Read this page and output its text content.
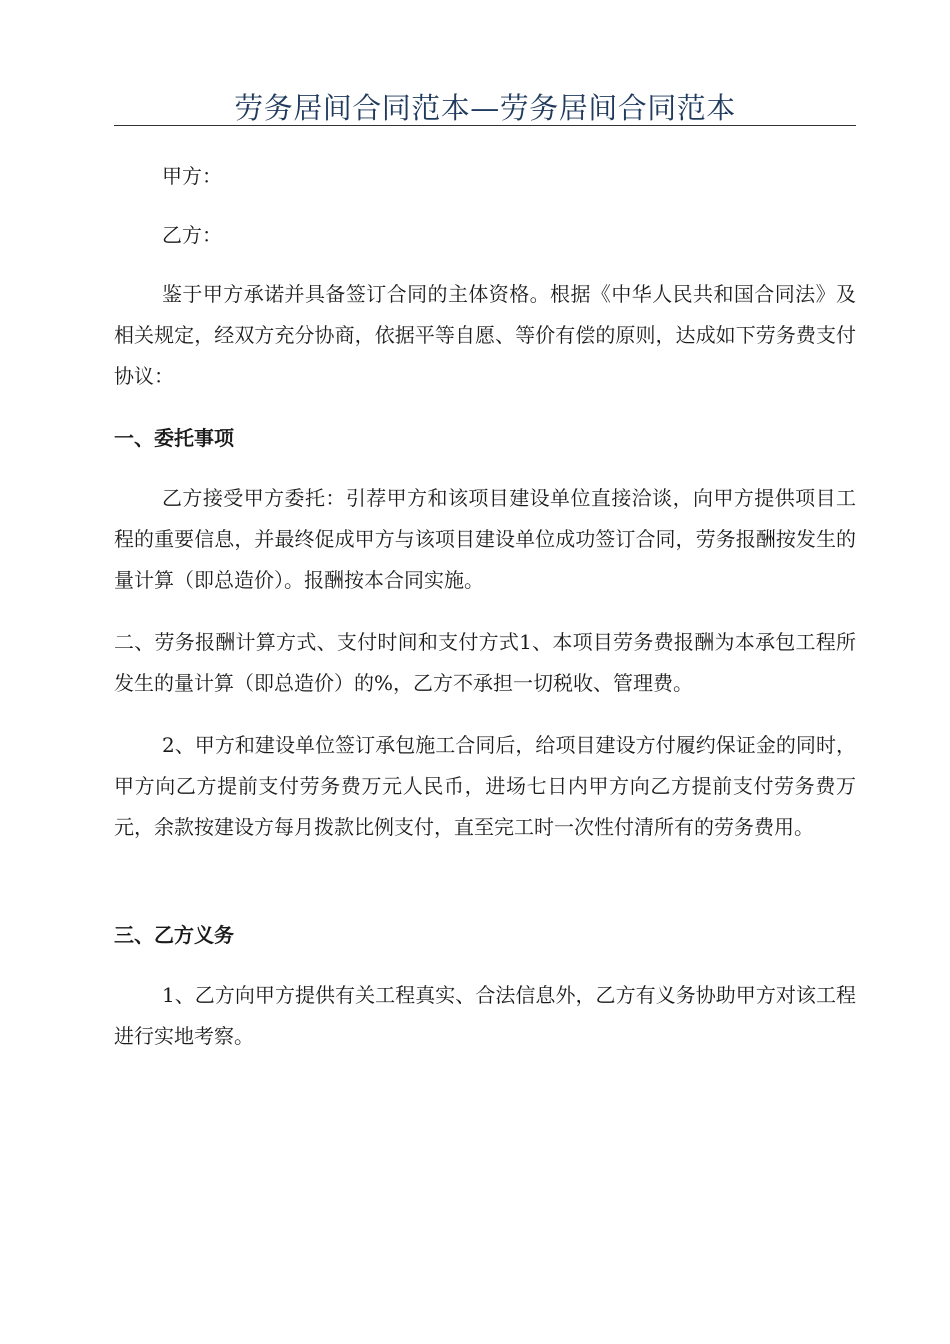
劳务居间合同范本—劳务居间合同范本

甲方：

乙方：

鉴于甲方承诺并具备签订合同的主体资格。根据《中华人民共和国合同法》及相关规定，经双方充分协商，依据平等自愿、等价有偿的原则，达成如下劳务费支付协议：

一、委托事项

乙方接受甲方委托：引荐甲方和该项目建设单位直接洽谈，向甲方提供项目工程的重要信息，并最终促成甲方与该项目建设单位成功签订合同，劳务报酬按发生的量计算（即总造价）。报酬按本合同实施。

二、劳务报酬计算方式、支付时间和支付方式1、本项目劳务费报酬为本承包工程所发生的量计算（即总造价）的%，乙方不承担一切税收、管理费。

2、甲方和建设单位签订承包施工合同后，给项目建设方付履约保证金的同时，甲方向乙方提前支付劳务费万元人民币，进场七日内甲方向乙方提前支付劳务费万元，余款按建设方每月拨款比例支付，直至完工时一次性付清所有的劳务费用。

三、乙方义务

1、乙方向甲方提供有关工程真实、合法信息外，乙方有义务协助甲方对该工程进行实地考察。
